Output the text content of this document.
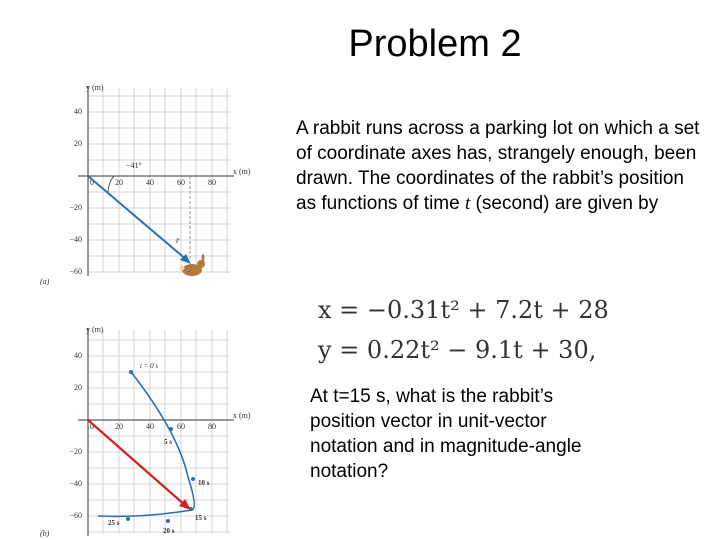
Problem 2
y (m)
x (m)
40
20
0
−20
−40
−60
20	40	60	80
−41°
r
(a)
y (m)
x (m)
40
20
0
−20
−40
−60
20	40	60	80
t = 0 s
5 s
10 s
15 s
20 s
25 s
(b)
A rabbit runs across a parking lot on which a set of coordinate axes has, strangely enough, been drawn. The coordinates of the rabbit’s position as functions of time t (second) are given by
x = −0.31t² + 7.2t + 28
y = 0.22t² − 9.1t + 30,
At t=15 s, what is the rabbit’s position vector in unit-vector notation and in magnitude-angle notation?
